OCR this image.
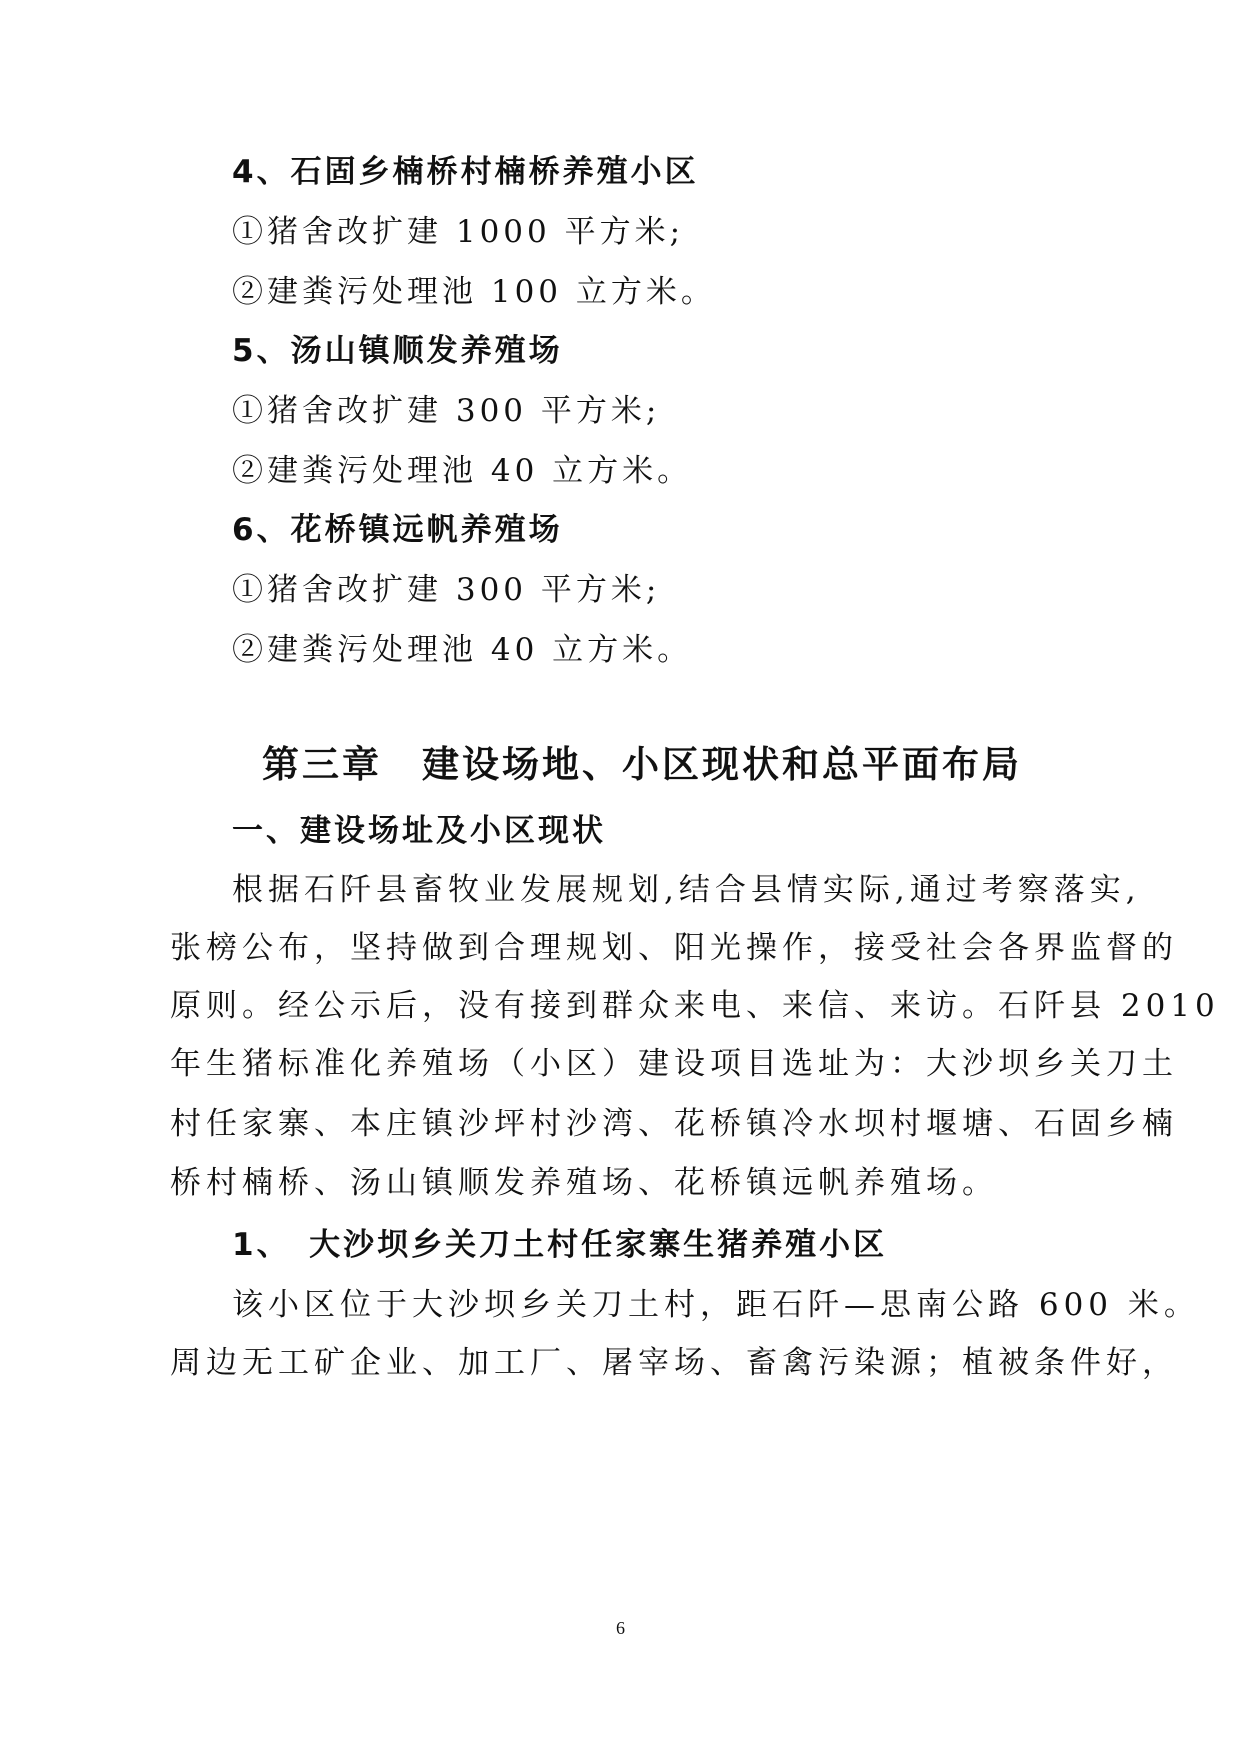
4、石固乡楠桥村楠桥养殖小区
①猪舍改扩建 1000 平方米;
②建粪污处理池 100 立方米。
5、汤山镇顺发养殖场
①猪舍改扩建 300 平方米;
②建粪污处理池 40 立方米。
6、花桥镇远帆养殖场
①猪舍改扩建 300 平方米;
②建粪污处理池 40 立方米。
第三章　建设场地、小区现状和总平面布局
一、建设场址及小区现状
根据石阡县畜牧业发展规划,结合县情实际,通过考察落实,
张榜公布，坚持做到合理规划、阳光操作，接受社会各界监督的
原则。经公示后，没有接到群众来电、来信、来访。石阡县 2010
年生猪标准化养殖场（小区）建设项目选址为：大沙坝乡关刀土
村任家寨、本庄镇沙坪村沙湾、花桥镇冷水坝村堰塘、石固乡楠
桥村楠桥、汤山镇顺发养殖场、花桥镇远帆养殖场。
1、　大沙坝乡关刀土村任家寨生猪养殖小区
该小区位于大沙坝乡关刀土村，距石阡—思南公路 600 米。
周边无工矿企业、加工厂、屠宰场、畜禽污染源；植被条件好，
6
